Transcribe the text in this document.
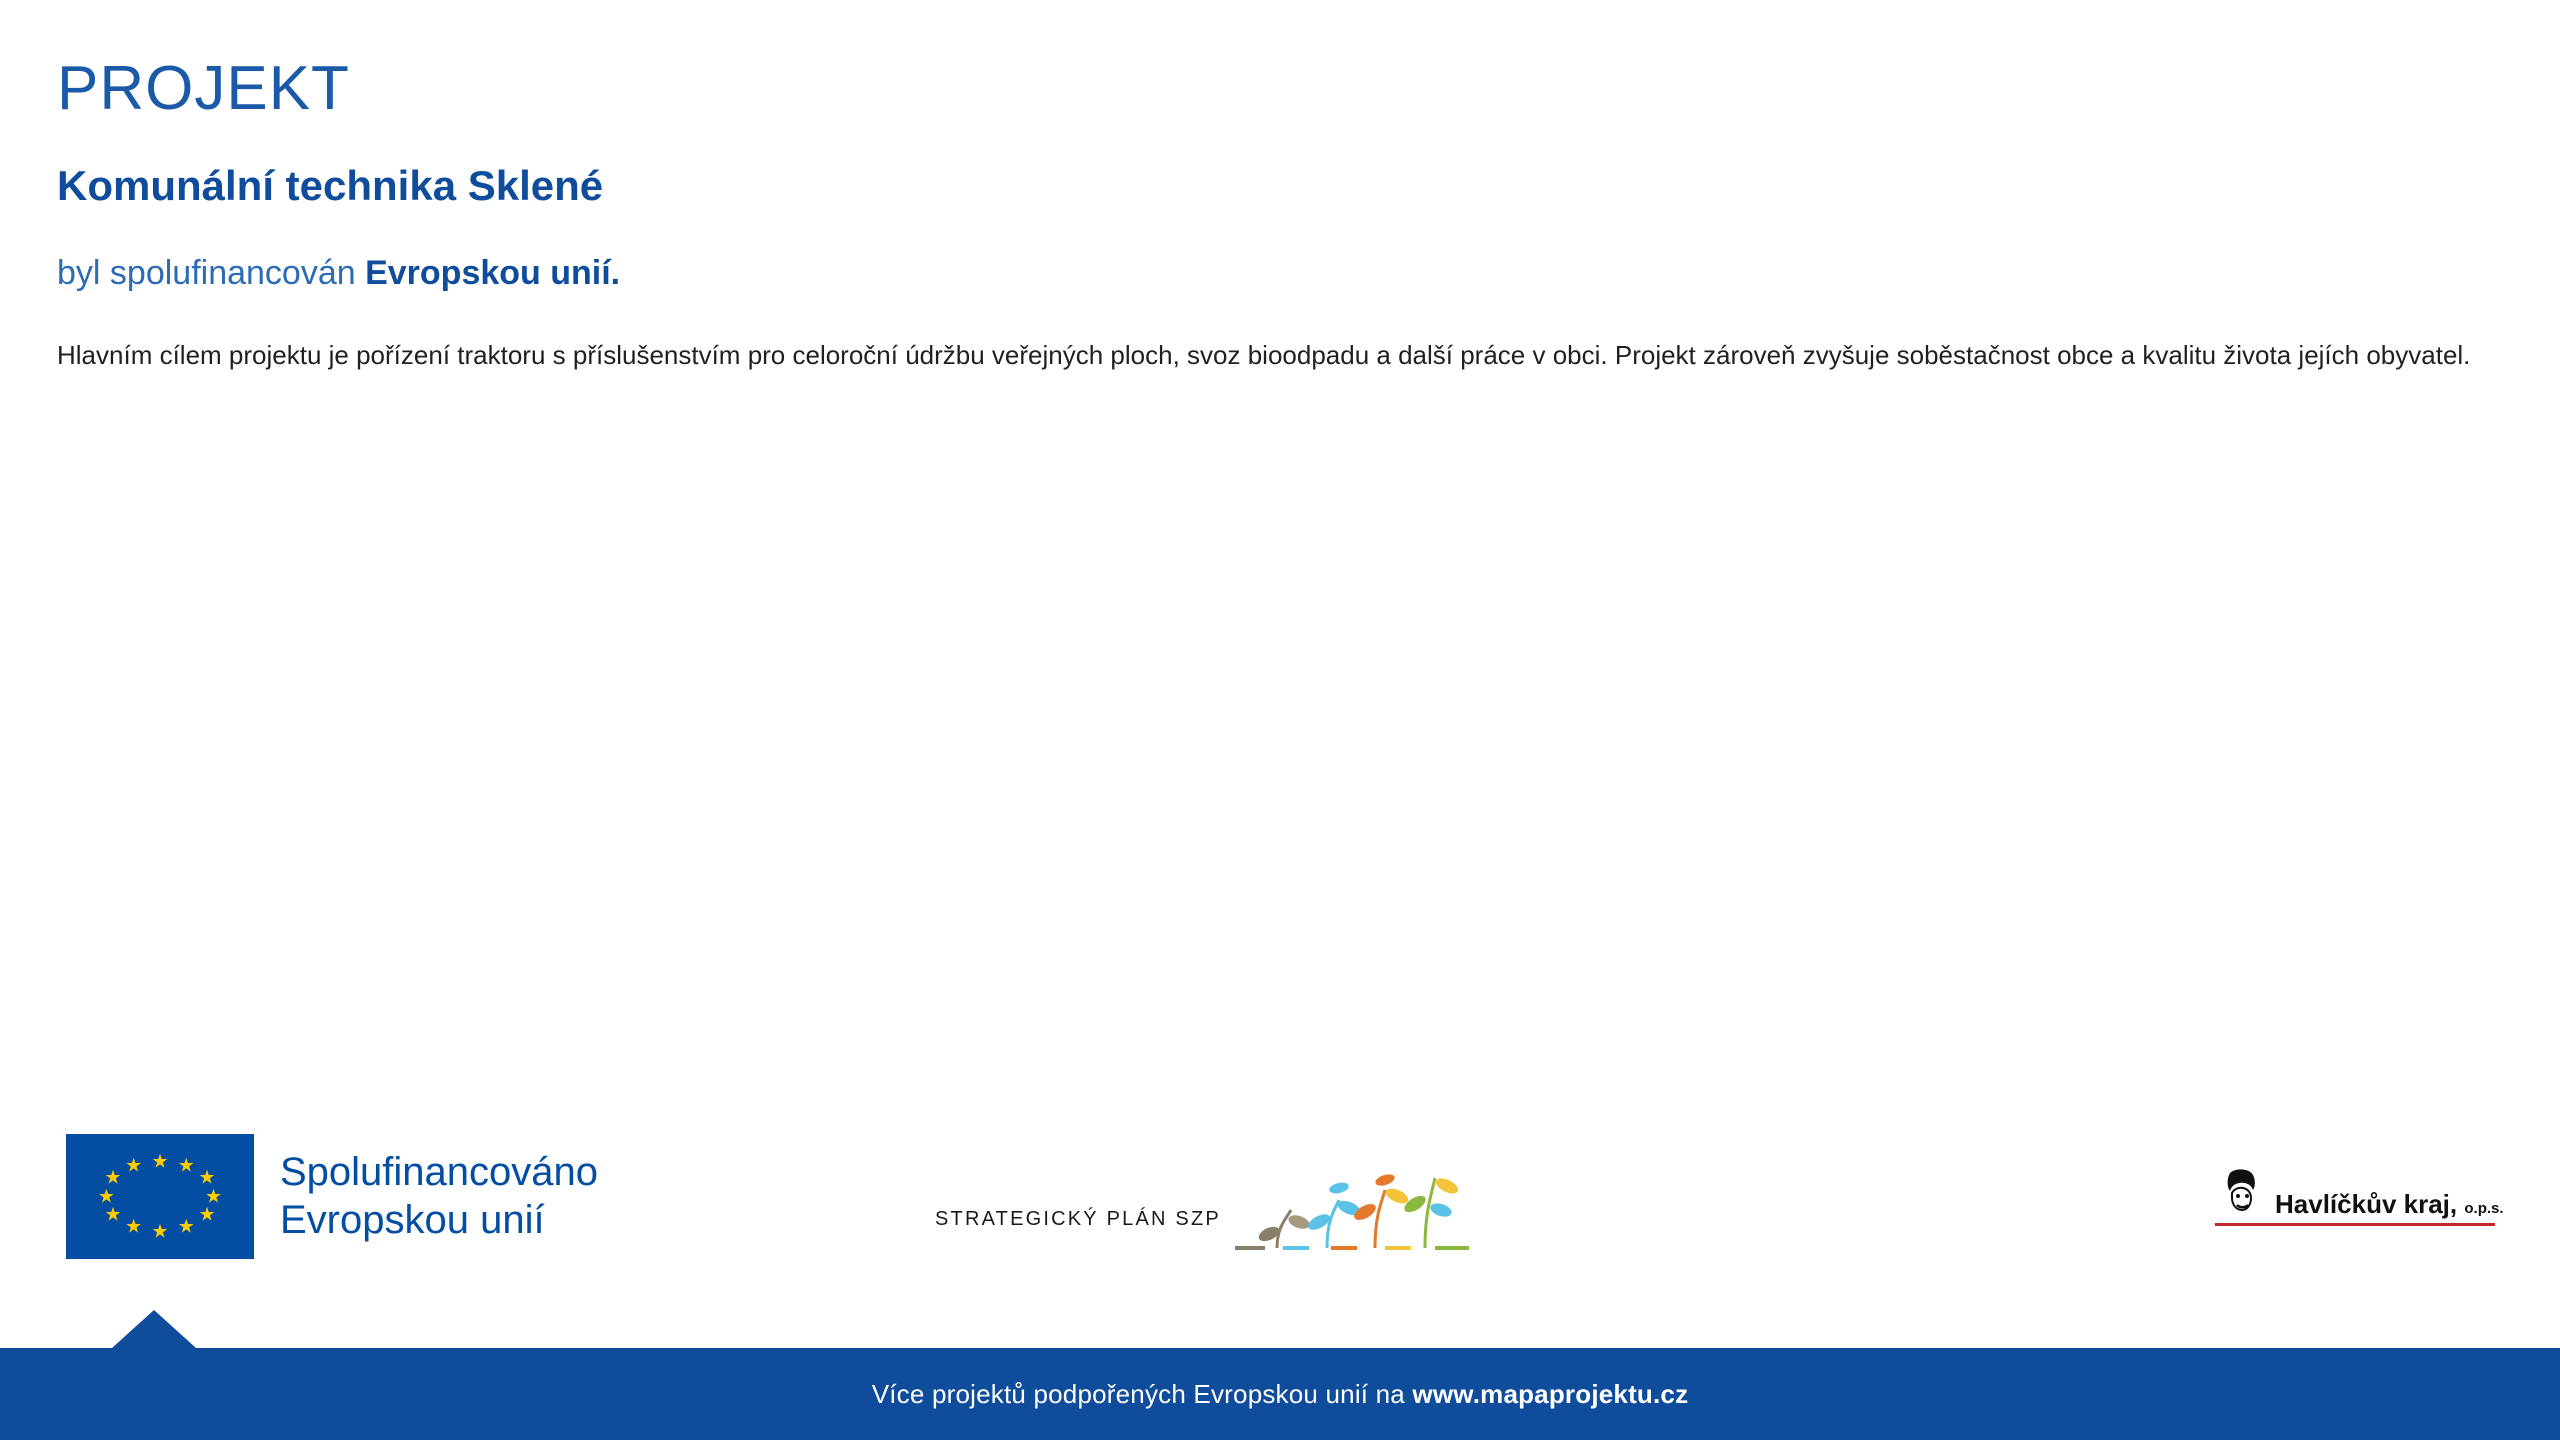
PROJEKT
Komunální technika Sklené
byl spolufinancován Evropskou unií.

Hlavním cílem projektu je pořízení traktoru s příslušenstvím pro celoroční údržbu veřejných ploch, svoz bioodpadu a další práce v obci. Projekt zároveň zvyšuje soběstačnost obce a kvalitu života jejích obyvatel.

★ ★
★
★
★
★
★
★
★
★
★
★	Spolufinancováno
Evropskou unií	STRATEGICKÝ PLÁN SZP	Havlíčkův kraj, o.p.s.
Více projektů podpořených Evropskou unií na www.mapaprojektu.cz
